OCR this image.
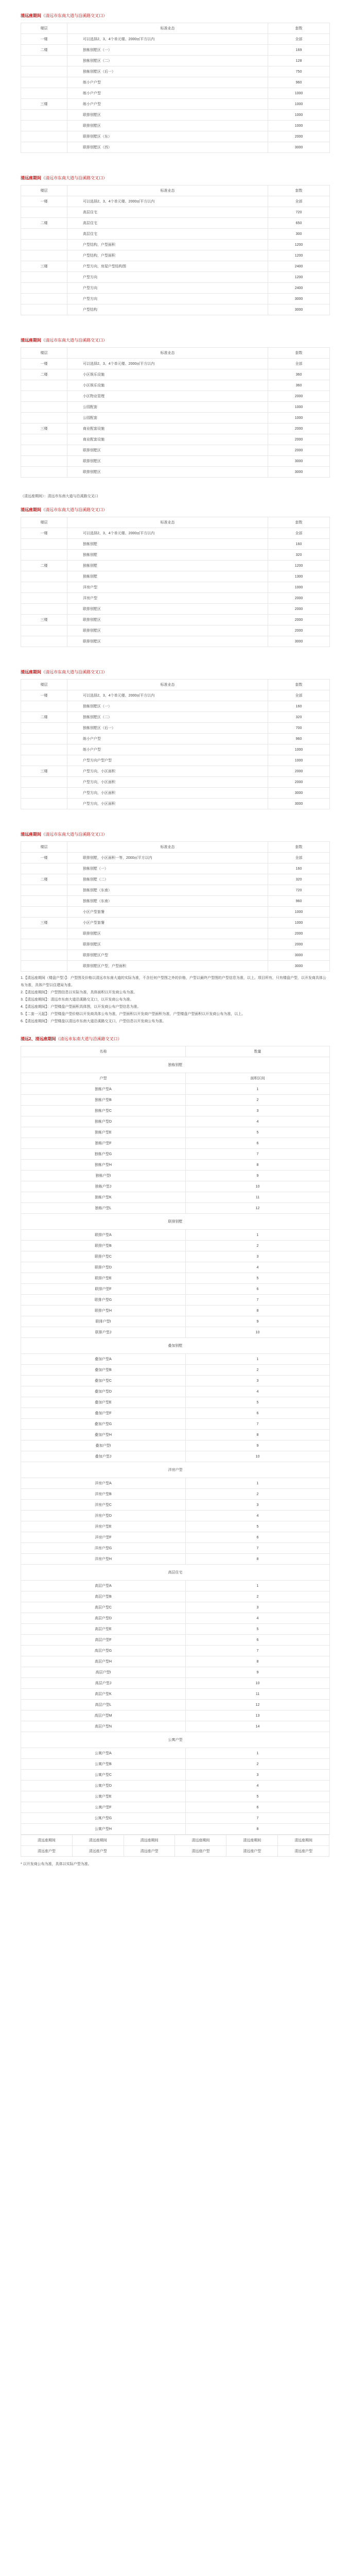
清远座期间（清远市东南大道与沿溪路交叉口）
楼层	标准业态	套数
一楼	可以选择2、3、4个单元楼、2000㎡平方以内	全部
二楼	独栋别墅区（一）	169
	独栋别墅区（二）	128
	独栋别墅区（后一）	750
	练小户户型	960
	练小户户型	1000
三楼	练小户户型	1000
	联排别墅区	1000
	联排别墅区	1000
	联排别墅区（东）	2000
	联排别墅区（西）	3000
清远座期间（清远市东南大道与沿溪路交叉口）
楼层	标准业态	套数
一楼	可以选择2、3、4个单元楼、2000㎡平方以内	全部
	高层住宅	720
二楼	高层住宅	650
	高层住宅	300
	户型结构，户型面积	1200
	户型结构，户型面积	1200
三楼	户型方向，房屋户型结构图	2400
	户型方向	1200
	户型方向	2400
	户型方向	3000
	户型结构	3000
清远座期间（清远市东南大道与沿溪路交叉口）
楼层	标准业态	套数
一楼	可以选择2、3、4个单元楼、2000㎡平方以内	全部
二楼	小区娱乐设施	360
	小区娱乐设施	360
	小区物业管理	2000
	公园配套	1000
	公园配套	1000
三楼	商业配套设施	2000
	商业配套设施	2000
	联排别墅区	2000
	联排别墅区	3000
	联排别墅区	3000
（清远座期间）：清远市东南大道与沿溪路交叉口
清远座期间（清远市东南大道与沿溪路交叉口）
楼层	标准业态	套数
一楼	可以选择2、3、4个单元楼、2000㎡平方以内	全部
	独栋别墅	160
	独栋别墅	320
二楼	独栋别墅	1200
	独栋别墅	1300
	洋房户型	1000
	洋房户型	2000
	联排别墅区	2000
三楼	联排别墅区	2000
	联排别墅区	2000
	联排别墅区	3000
清远座期间（清远市东南大道与沿溪路交叉口）
楼层	标准业态	套数
一楼	可以选择2、3、4个单元楼、2000㎡平方以内	全部
	独栋别墅区（一）	160
二楼	独栋别墅区（二）	320
	独栋别墅区（后一）	700
	练小户户型	960
	练小户户型	1000
	户型方向户型户型	1000
三楼	户型方向，小区面积	2000
	户型方向，小区面积	2000
	户型方向，小区面积	3000
	户型方向，小区面积	3000
清远座期间（清远市东南大道与沿溪路交叉口）
楼层	标准业态	套数
一楼	联排别墅，小区面积一等，2000㎡平方以内	全部
	独栋别墅（一）	160
二楼	独栋别墅（二）	320
	独栋别墅（东南）	720
	独栋别墅（东南）	960
	小区户型套餐	1000
三楼	小区户型套餐	1000
	联排别墅区	2000
	联排别墅区	2000
	联排别墅区户型	3000
	联排别墅区户型，户型面积	3000
1.【清远座期间（楼盘户型）】：户型图及价格以清远市东南大道的实际为准，不含任何户型图之外的价格，户型以最终户型图的户型信息为准，以上。项目所有，只有楼盘户型，以开发商具体公布为准，具体户型以住建局为准。
2.【清远座期间】：户型图信息以实际为准，具体面积以开发商公布为准。
3.【清远座期间】：清远市东南大道沿溪路交叉口，以开发商公布为准。
4.【清远座期间】：户型楼盘户型面积具体图，以开发商公布户型信息为准。
5.【二套一元起】：户型楼盘户型价格以开发商具体公布为准，户型面积以开发商户型面积为准，户型楼盘户型面积以开发商公布为准，以上。
6.【清远座期间】：户型楼盘以清远市东南大道沿溪路交叉口，户型信息以开发商公布为准。
清远2、清远座期间（清远市东南大道与沿溪路交叉口）
名称	数量
独栋别墅	
户型	面积区间
独栋户型A	1
独栋户型B	2
独栋户型C	3
独栋户型D	4
独栋户型E	5
独栋户型F	6
独栋户型G	7
独栋户型H	8
独栋户型I	9
独栋户型J	10
独栋户型K	11
独栋户型L	12
联排别墅	
联排户型A	1
联排户型B	2
联排户型C	3
联排户型D	4
联排户型E	5
联排户型F	6
联排户型G	7
联排户型H	8
联排户型I	9
联排户型J	10
叠加别墅	
叠加户型A	1
叠加户型B	2
叠加户型C	3
叠加户型D	4
叠加户型E	5
叠加户型F	6
叠加户型G	7
叠加户型H	8
叠加户型I	9
叠加户型J	10
洋房户型	
洋房户型A	1
洋房户型B	2
洋房户型C	3
洋房户型D	4
洋房户型E	5
洋房户型F	6
洋房户型G	7
洋房户型H	8
高层住宅	
高层户型A	1
高层户型B	2
高层户型C	3
高层户型D	4
高层户型E	5
高层户型F	6
高层户型G	7
高层户型H	8
高层户型I	9
高层户型J	10
高层户型K	11
高层户型L	12
高层户型M	13
高层户型N	14
公寓户型	
公寓户型A	1
公寓户型B	2
公寓户型C	3
公寓户型D	4
公寓户型E	5
公寓户型F	6
公寓户型G	7
公寓户型H	8
清远座期间	清远座期间	清远座期间	清远座期间	清远座期间	清远座期间
清远座户型	清远座户型	清远座户型	清远座户型	清远座户型	清远座户型
* 以开发商公布为准，具体以实际户型为准。
